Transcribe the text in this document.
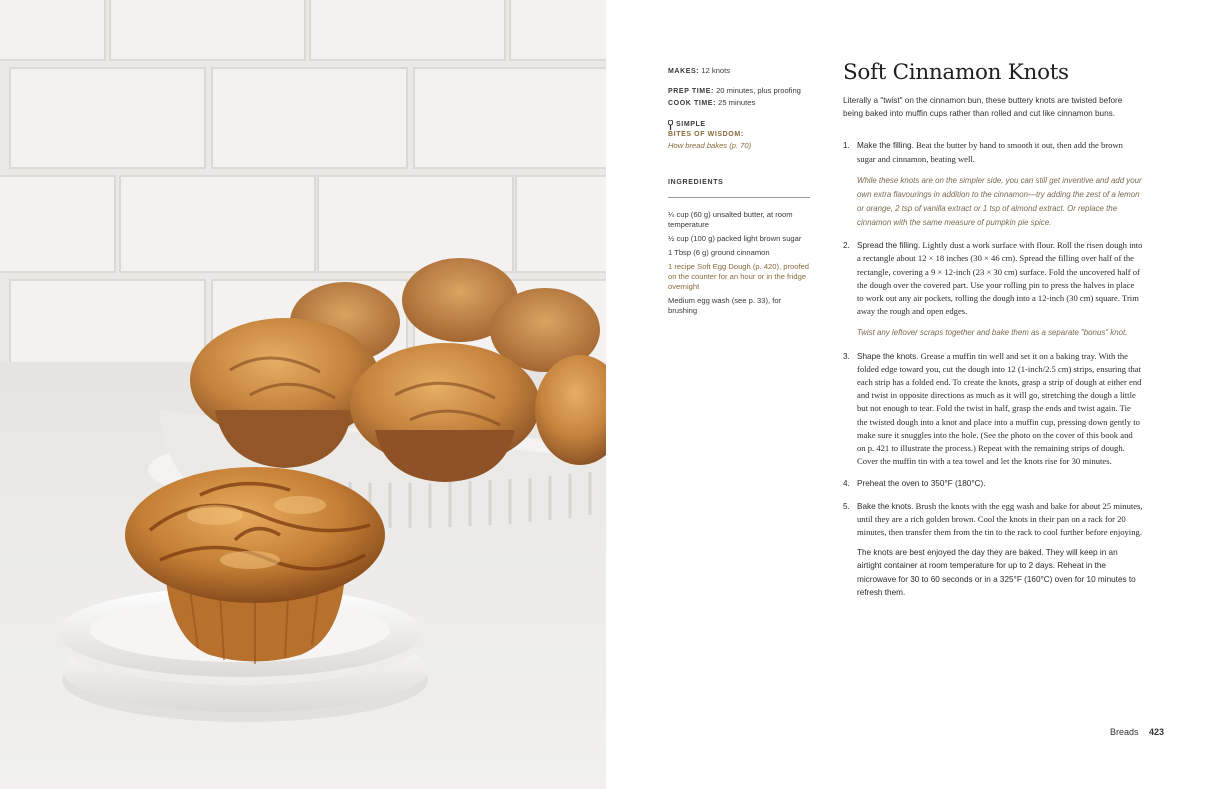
MAKES: 12 knots
PREP TIME: 20 minutes, plus proofing
COOK TIME: 25 minutes
SIMPLE
BITES OF WISDOM:
How bread bakes (p. 70)
INGREDIENTS
¼ cup (60 g) unsalted butter, at room temperature
½ cup (100 g) packed light brown sugar
1 Tbsp (6 g) ground cinnamon
1 recipe Soft Egg Dough (p. 420), proofed on the counter for an hour or in the fridge overnight
Medium egg wash (see p. 33), for brushing
Soft Cinnamon Knots

Literally a "twist" on the cinnamon bun, these buttery knots are twisted before being baked into muffin cups rather than rolled and cut like cinnamon buns.

1. Make the filling. Beat the butter by hand to smooth it out, then add the brown sugar and cinnamon, beating well.

While these knots are on the simpler side, you can still get inventive and add your own extra flavourings in addition to the cinnamon—try adding the zest of a lemon or orange, 2 tsp of vanilla extract or 1 tsp of almond extract. Or replace the cinnamon with the same measure of pumpkin pie spice.

2. Spread the filling. Lightly dust a work surface with flour. Roll the risen dough into a rectangle about 12 × 18 inches (30 × 46 cm). Spread the filling over half of the rectangle, covering a 9 × 12-inch (23 × 30 cm) surface. Fold the uncovered half of the dough over the covered part. Use your rolling pin to press the halves in place to work out any air pockets, rolling the dough into a 12-inch (30 cm) square. Trim away the rough and open edges.

Twist any leftover scraps together and bake them as a separate "bonus" knot.

3. Shape the knots. Grease a muffin tin well and set it on a baking tray. With the folded edge toward you, cut the dough into 12 (1-inch/2.5 cm) strips, ensuring that each strip has a folded end. To create the knots, grasp a strip of dough at either end and twist in opposite directions as much as it will go, stretching the dough a little but not enough to tear. Fold the twist in half, grasp the ends and twist again. Tie the twisted dough into a knot and place into a muffin cup, pressing down gently to make sure it snuggles into the hole. (See the photo on the cover of this book and on p. 421 to illustrate the process.) Repeat with the remaining strips of dough. Cover the muffin tin with a tea towel and let the knots rise for 30 minutes.
4. Preheat the oven to 350°F (180°C).
5. Bake the knots. Brush the knots with the egg wash and bake for about 25 minutes, until they are a rich golden brown. Cool the knots in their pan on a rack for 20 minutes, then transfer them from the tin to the rack to cool further before enjoying.

The knots are best enjoyed the day they are baked. They will keep in an airtight container at room temperature for up to 2 days. Reheat in the microwave for 30 to 60 seconds or in a 325°F (160°C) oven for 10 minutes to refresh them.

Breads 423
